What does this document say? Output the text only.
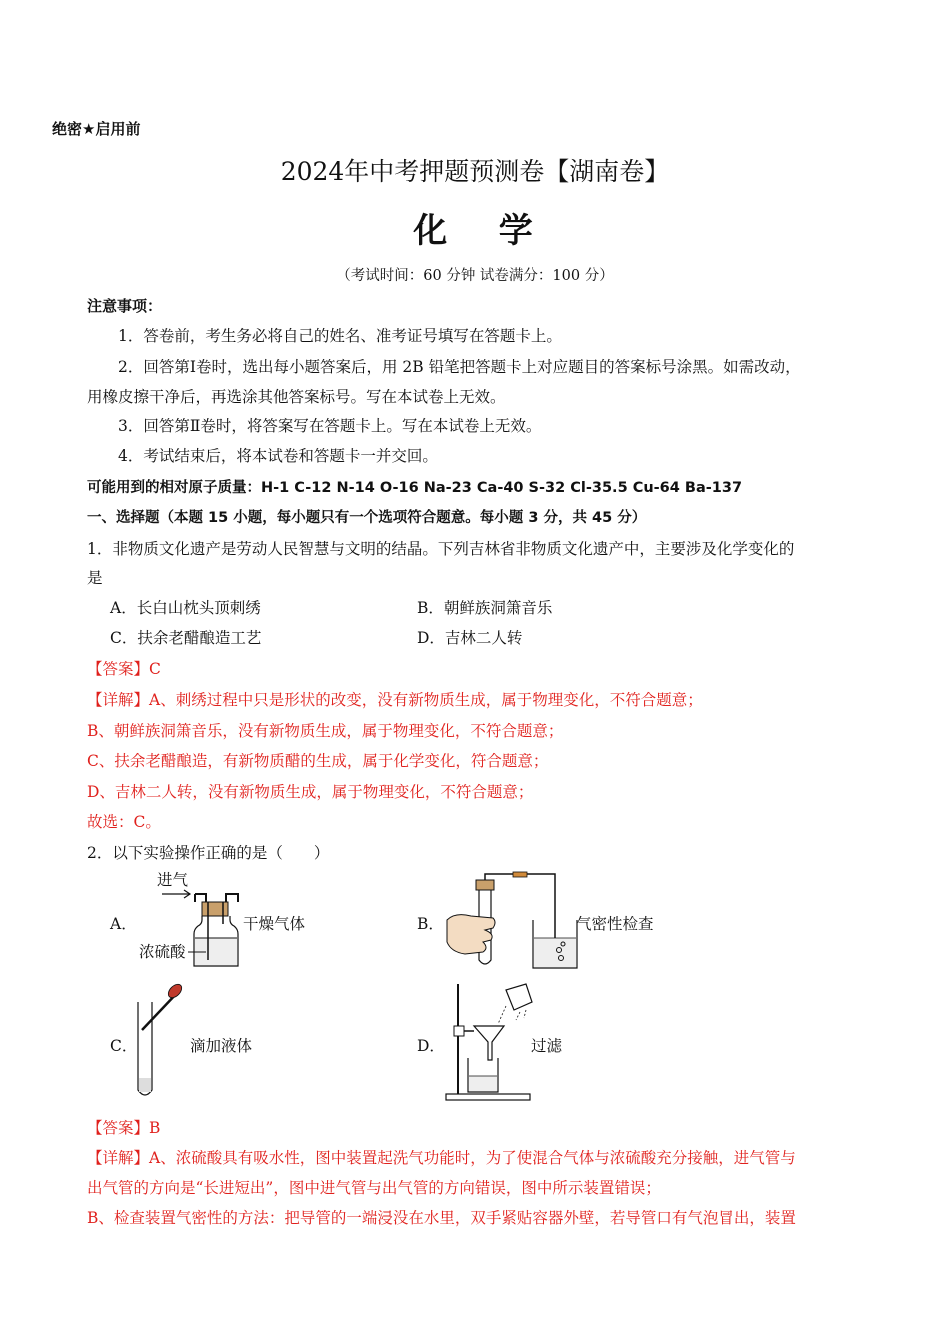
绝密★启用前
2024年中考押题预测卷【湖南卷】
化   学
（考试时间：60 分钟 试卷满分：100 分）
注意事项：
1．答卷前，考生务必将自己的姓名、准考证号填写在答题卡上。
2．回答第Ⅰ卷时，选出每小题答案后，用 2B 铅笔把答题卡上对应题目的答案标号涂黑。如需改动，
用橡皮擦干净后，再选涂其他答案标号。写在本试卷上无效。
3．回答第Ⅱ卷时，将答案写在答题卡上。写在本试卷上无效。
4．考试结束后，将本试卷和答题卡一并交回。
可能用到的相对原子质量：H-1 C-12 N-14 O-16 Na-23 Ca-40 S-32 Cl-35.5 Cu-64 Ba-137
一、选择题（本题 15 小题，每小题只有一个选项符合题意。每小题 3 分，共 45 分）
1．非物质文化遗产是劳动人民智慧与文明的结晶。下列吉林省非物质文化遗产中，主要涉及化学变化的
是
A．长白山枕头顶刺绣	B．朝鲜族洞箫音乐
C．扶余老醋酿造工艺	D．吉林二人转
【答案】C
【详解】A、刺绣过程中只是形状的改变，没有新物质生成，属于物理变化，不符合题意；
B、朝鲜族洞箫音乐，没有新物质生成，属于物理变化，不符合题意；
C、扶余老醋酿造，有新物质醋的生成，属于化学变化，符合题意；
D、吉林二人转，没有新物质生成，属于物理变化，不符合题意；
故选：C。
2．以下实验操作正确的是（　　）
A．
进气
浓硫酸
干燥气体	B．	气密性检查
C．	滴加液体	D．	过滤
【答案】B
【详解】A、浓硫酸具有吸水性，图中装置起洗气功能时，为了使混合气体与浓硫酸充分接触，进气管与
出气管的方向是“长进短出”，图中进气管与出气管的方向错误，图中所示装置错误；
B、检查装置气密性的方法：把导管的一端浸没在水里，双手紧贴容器外壁，若导管口有气泡冒出，装置
